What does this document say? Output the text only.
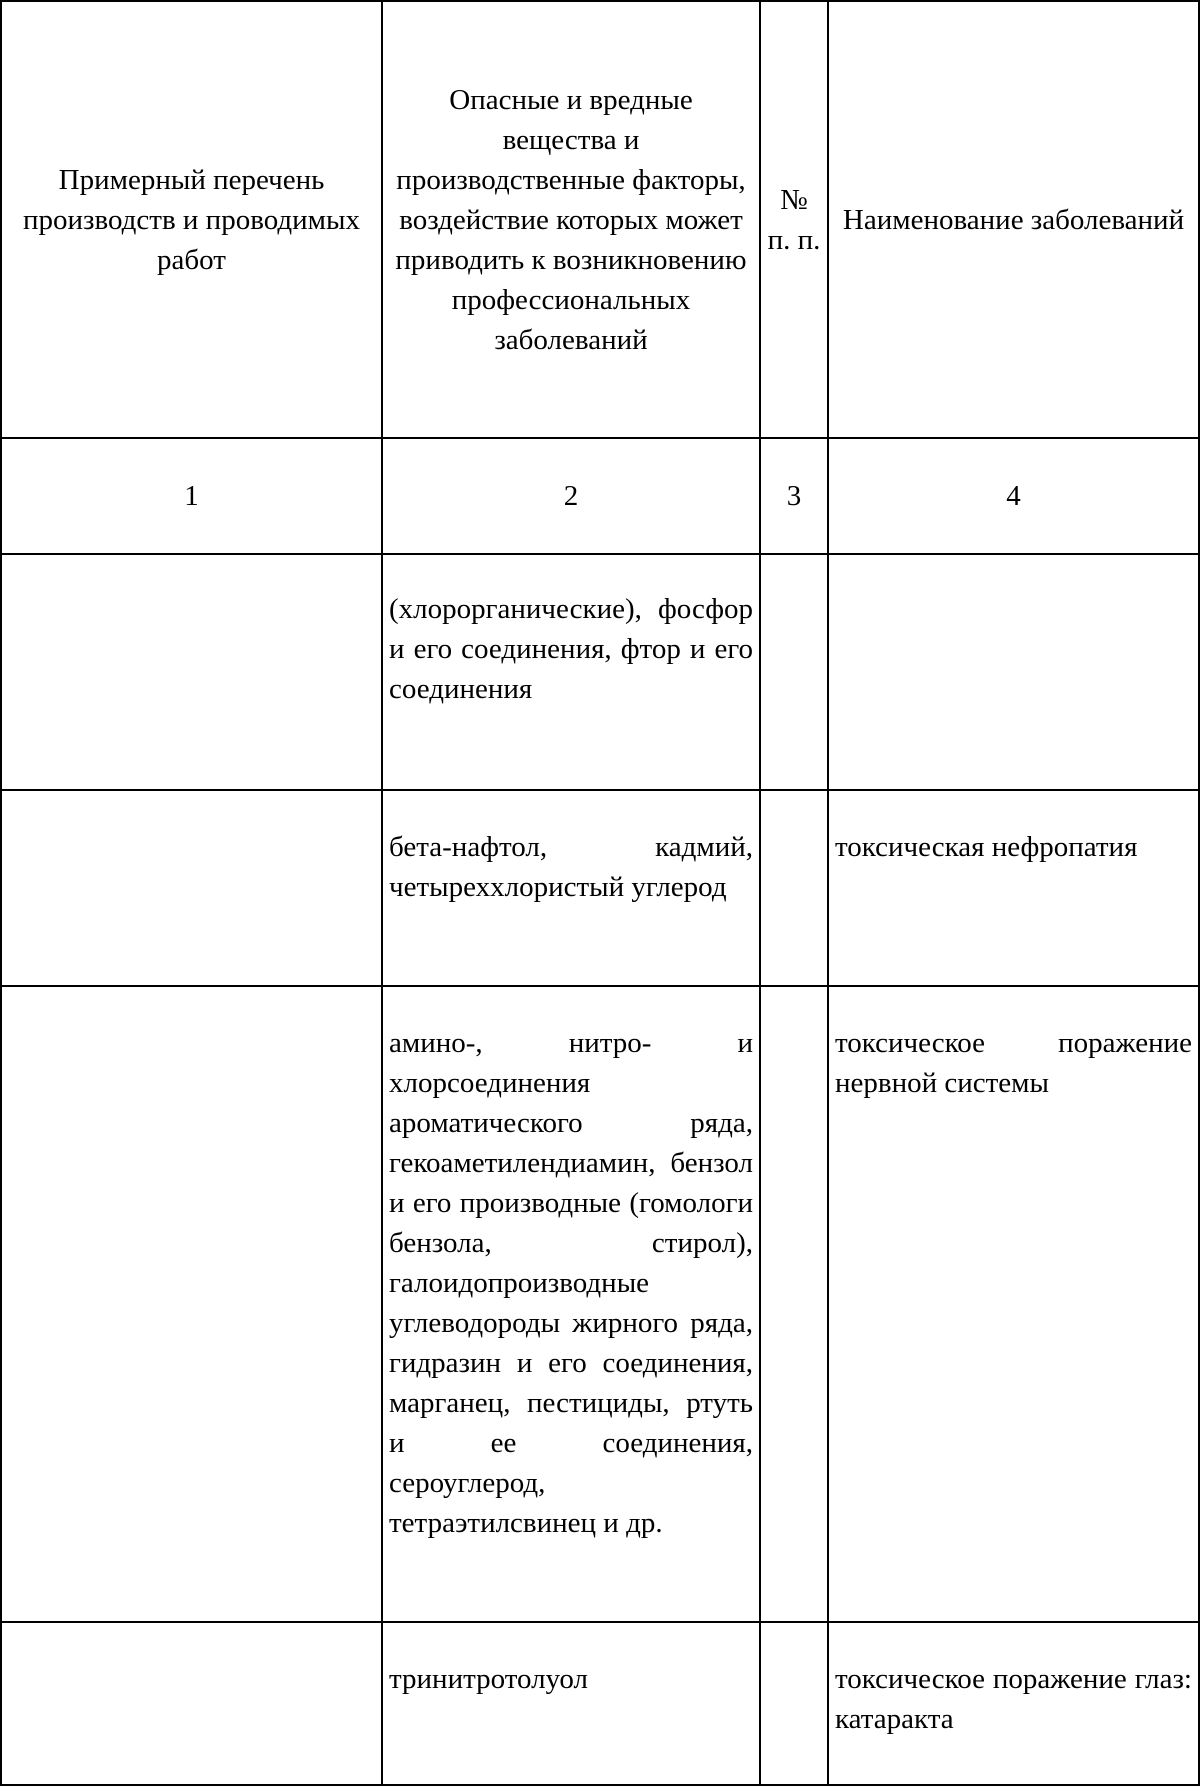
Примерный перечень производств и проводимых работ	Опасные и вредные вещества и производственные факторы, воздействие которых может приводить к возникновению профессиональных заболеваний	№ п. п.	Наименование заболеваний
1	2	3	4
	(хлорорганические), фосфор и его соединения, фтор и его соединения		
	бета-нафтол, кадмий, четыреххлористый углерод		токсическая нефропатия
	амино-, нитро- и хлорсоединения ароматического ряда, гекоаметилендиамин, бензол и его производные (гомологи бензола, стирол), галоидопроизводные углеводороды жирного ряда, гидразин и его соединения, марганец, пестициды, ртуть и ее соединения, сероуглерод, тетраэтилсвинец и др.		токсическое поражение нервной системы
	тринитротолуол		токсическое поражение глаз: катаракта
